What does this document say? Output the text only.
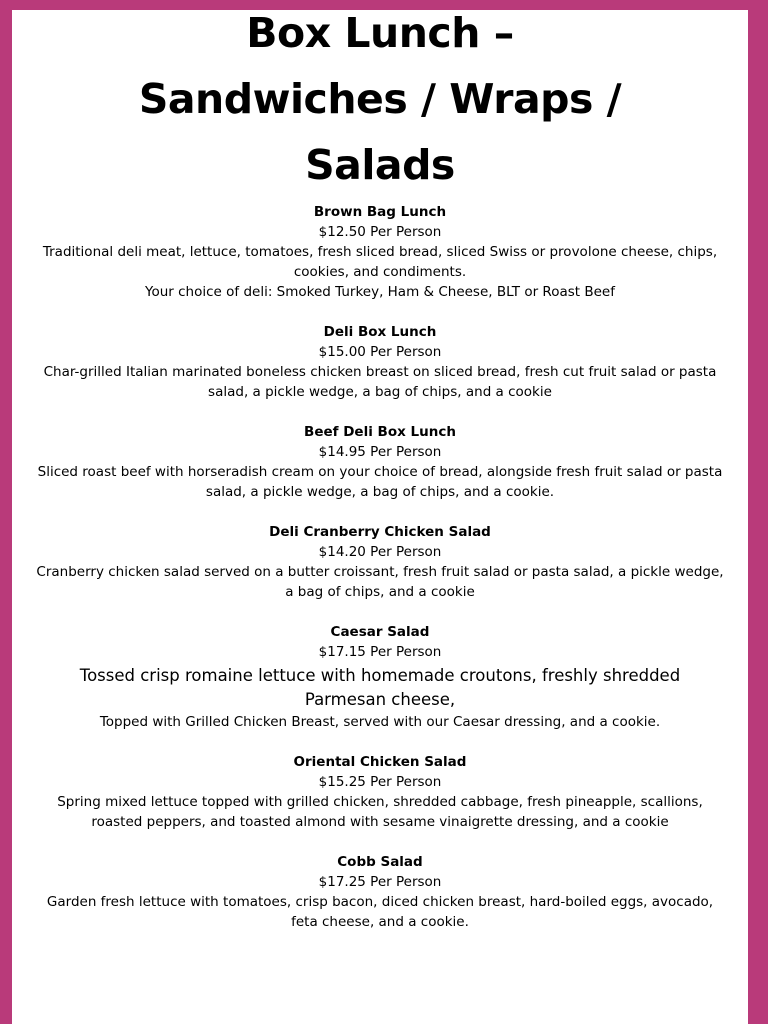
Box Lunch –
Sandwiches / Wraps /
Salads
Brown Bag Lunch
$12.50 Per Person
Traditional deli meat, lettuce, tomatoes, fresh sliced bread, sliced Swiss or provolone cheese, chips, cookies, and condiments.
Your choice of deli: Smoked Turkey, Ham & Cheese, BLT or Roast Beef
Deli Box Lunch
$15.00 Per Person
Char-grilled Italian marinated boneless chicken breast on sliced bread, fresh cut fruit salad or pasta salad, a pickle wedge, a bag of chips, and a cookie
Beef Deli Box Lunch
$14.95 Per Person
Sliced roast beef with horseradish cream on your choice of bread, alongside fresh fruit salad or pasta salad, a pickle wedge, a bag of chips, and a cookie.
Deli Cranberry Chicken Salad
$14.20 Per Person
Cranberry chicken salad served on a butter croissant, fresh fruit salad or pasta salad, a pickle wedge, a bag of chips, and a cookie
Caesar Salad
$17.15 Per Person
Tossed crisp romaine lettuce with homemade croutons, freshly shredded Parmesan cheese,
Topped with Grilled Chicken Breast, served with our Caesar dressing, and a cookie.
Oriental Chicken Salad
$15.25 Per Person
Spring mixed lettuce topped with grilled chicken, shredded cabbage, fresh pineapple, scallions, roasted peppers, and toasted almond with sesame vinaigrette dressing, and a cookie
Cobb Salad
$17.25 Per Person
Garden fresh lettuce with tomatoes, crisp bacon, diced chicken breast, hard-boiled eggs, avocado, feta cheese, and a cookie.
